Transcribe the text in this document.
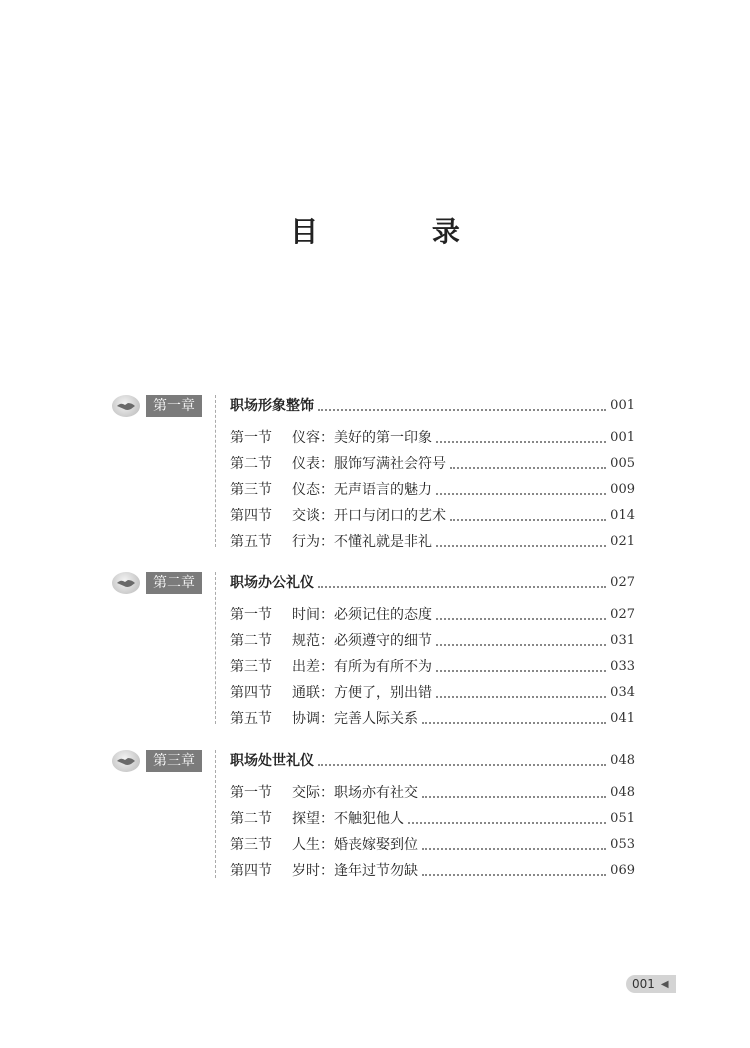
目 录
第一章	职场形象整饰	001
第一节	仪容：美好的第一印象	001
第二节	仪表：服饰写满社会符号	005
第三节	仪态：无声语言的魅力	009
第四节	交谈：开口与闭口的艺术	014
第五节	行为：不懂礼就是非礼	021
第二章	职场办公礼仪	027
第一节	时间：必须记住的态度	027
第二节	规范：必须遵守的细节	031
第三节	出差：有所为有所不为	033
第四节	通联：方便了，别出错	034
第五节	协调：完善人际关系	041
第三章	职场处世礼仪	048
第一节	交际：职场亦有社交	048
第二节	探望：不触犯他人	051
第三节	人生：婚丧嫁娶到位	053
第四节	岁时：逢年过节勿缺	069
001 ◀
